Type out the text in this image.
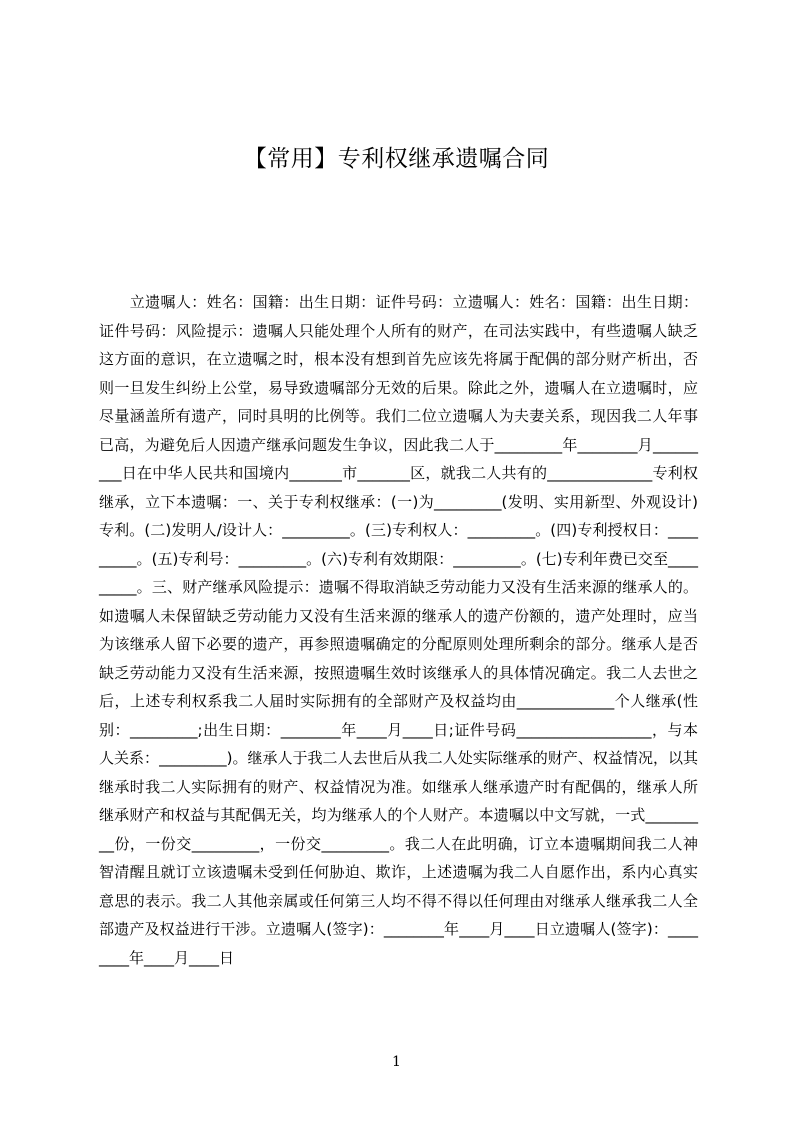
【常用】专利权继承遗嘱合同

　　立遗嘱人：姓名：国籍：出生日期：证件号码：立遗嘱人：姓名：国籍：出生日期：证件号码：风险提示：遗嘱人只能处理个人所有的财产，在司法实践中，有些遗嘱人缺乏这方面的意识，在立遗嘱之时，根本没有想到首先应该先将属于配偶的部分财产析出，否则一旦发生纠纷上公堂，易导致遗嘱部分无效的后果。除此之外，遗嘱人在立遗嘱时，应尽量涵盖所有遗产，同时具明的比例等。我们二位立遗嘱人为夫妻关系，现因我二人年事已高，为避免后人因遗产继承问题发生争议，因此我二人于_________年________月_________日在中华人民共和国境内_______市_______区，就我二人共有的______________专利权继承，立下本遗嘱：一、关于专利权继承：(一)为_________(发明、实用新型、外观设计)专利。(二)发明人/设计人：_________。(三)专利权人：_________。(四)专利授权日：_________。(五)专利号：_________。(六)专利有效期限：_________。(七)专利年费已交至_________。三、财产继承风险提示：遗嘱不得取消缺乏劳动能力又没有生活来源的继承人的。如遗嘱人未保留缺乏劳动能力又没有生活来源的继承人的遗产份额的，遗产处理时，应当为该继承人留下必要的遗产，再参照遗嘱确定的分配原则处理所剩余的部分。继承人是否缺乏劳动能力又没有生活来源，按照遗嘱生效时该继承人的具体情况确定。我二人去世之后，上述专利权系我二人届时实际拥有的全部财产及权益均由_____________个人继承(性别：_________;出生日期：________年____月____日;证件号码__________________，与本人关系：_________)。继承人于我二人去世后从我二人处实际继承的财产、权益情况，以其继承时我二人实际拥有的财产、权益情况为准。如继承人继承遗产时有配偶的，继承人所继承财产和权益与其配偶无关，均为继承人的个人财产。本遗嘱以中文写就，一式_________份，一份交_________，一份交_________。我二人在此明确，订立本遗嘱期间我二人神智清醒且就订立该遗嘱未受到任何胁迫、欺诈，上述遗嘱为我二人自愿作出，系内心真实意思的表示。我二人其他亲属或任何第三人均不得不得以任何理由对继承人继承我二人全部遗产及权益进行干涉。立遗嘱人(签字)：________年____月____日立遗嘱人(签字)：________年____月____日

1
